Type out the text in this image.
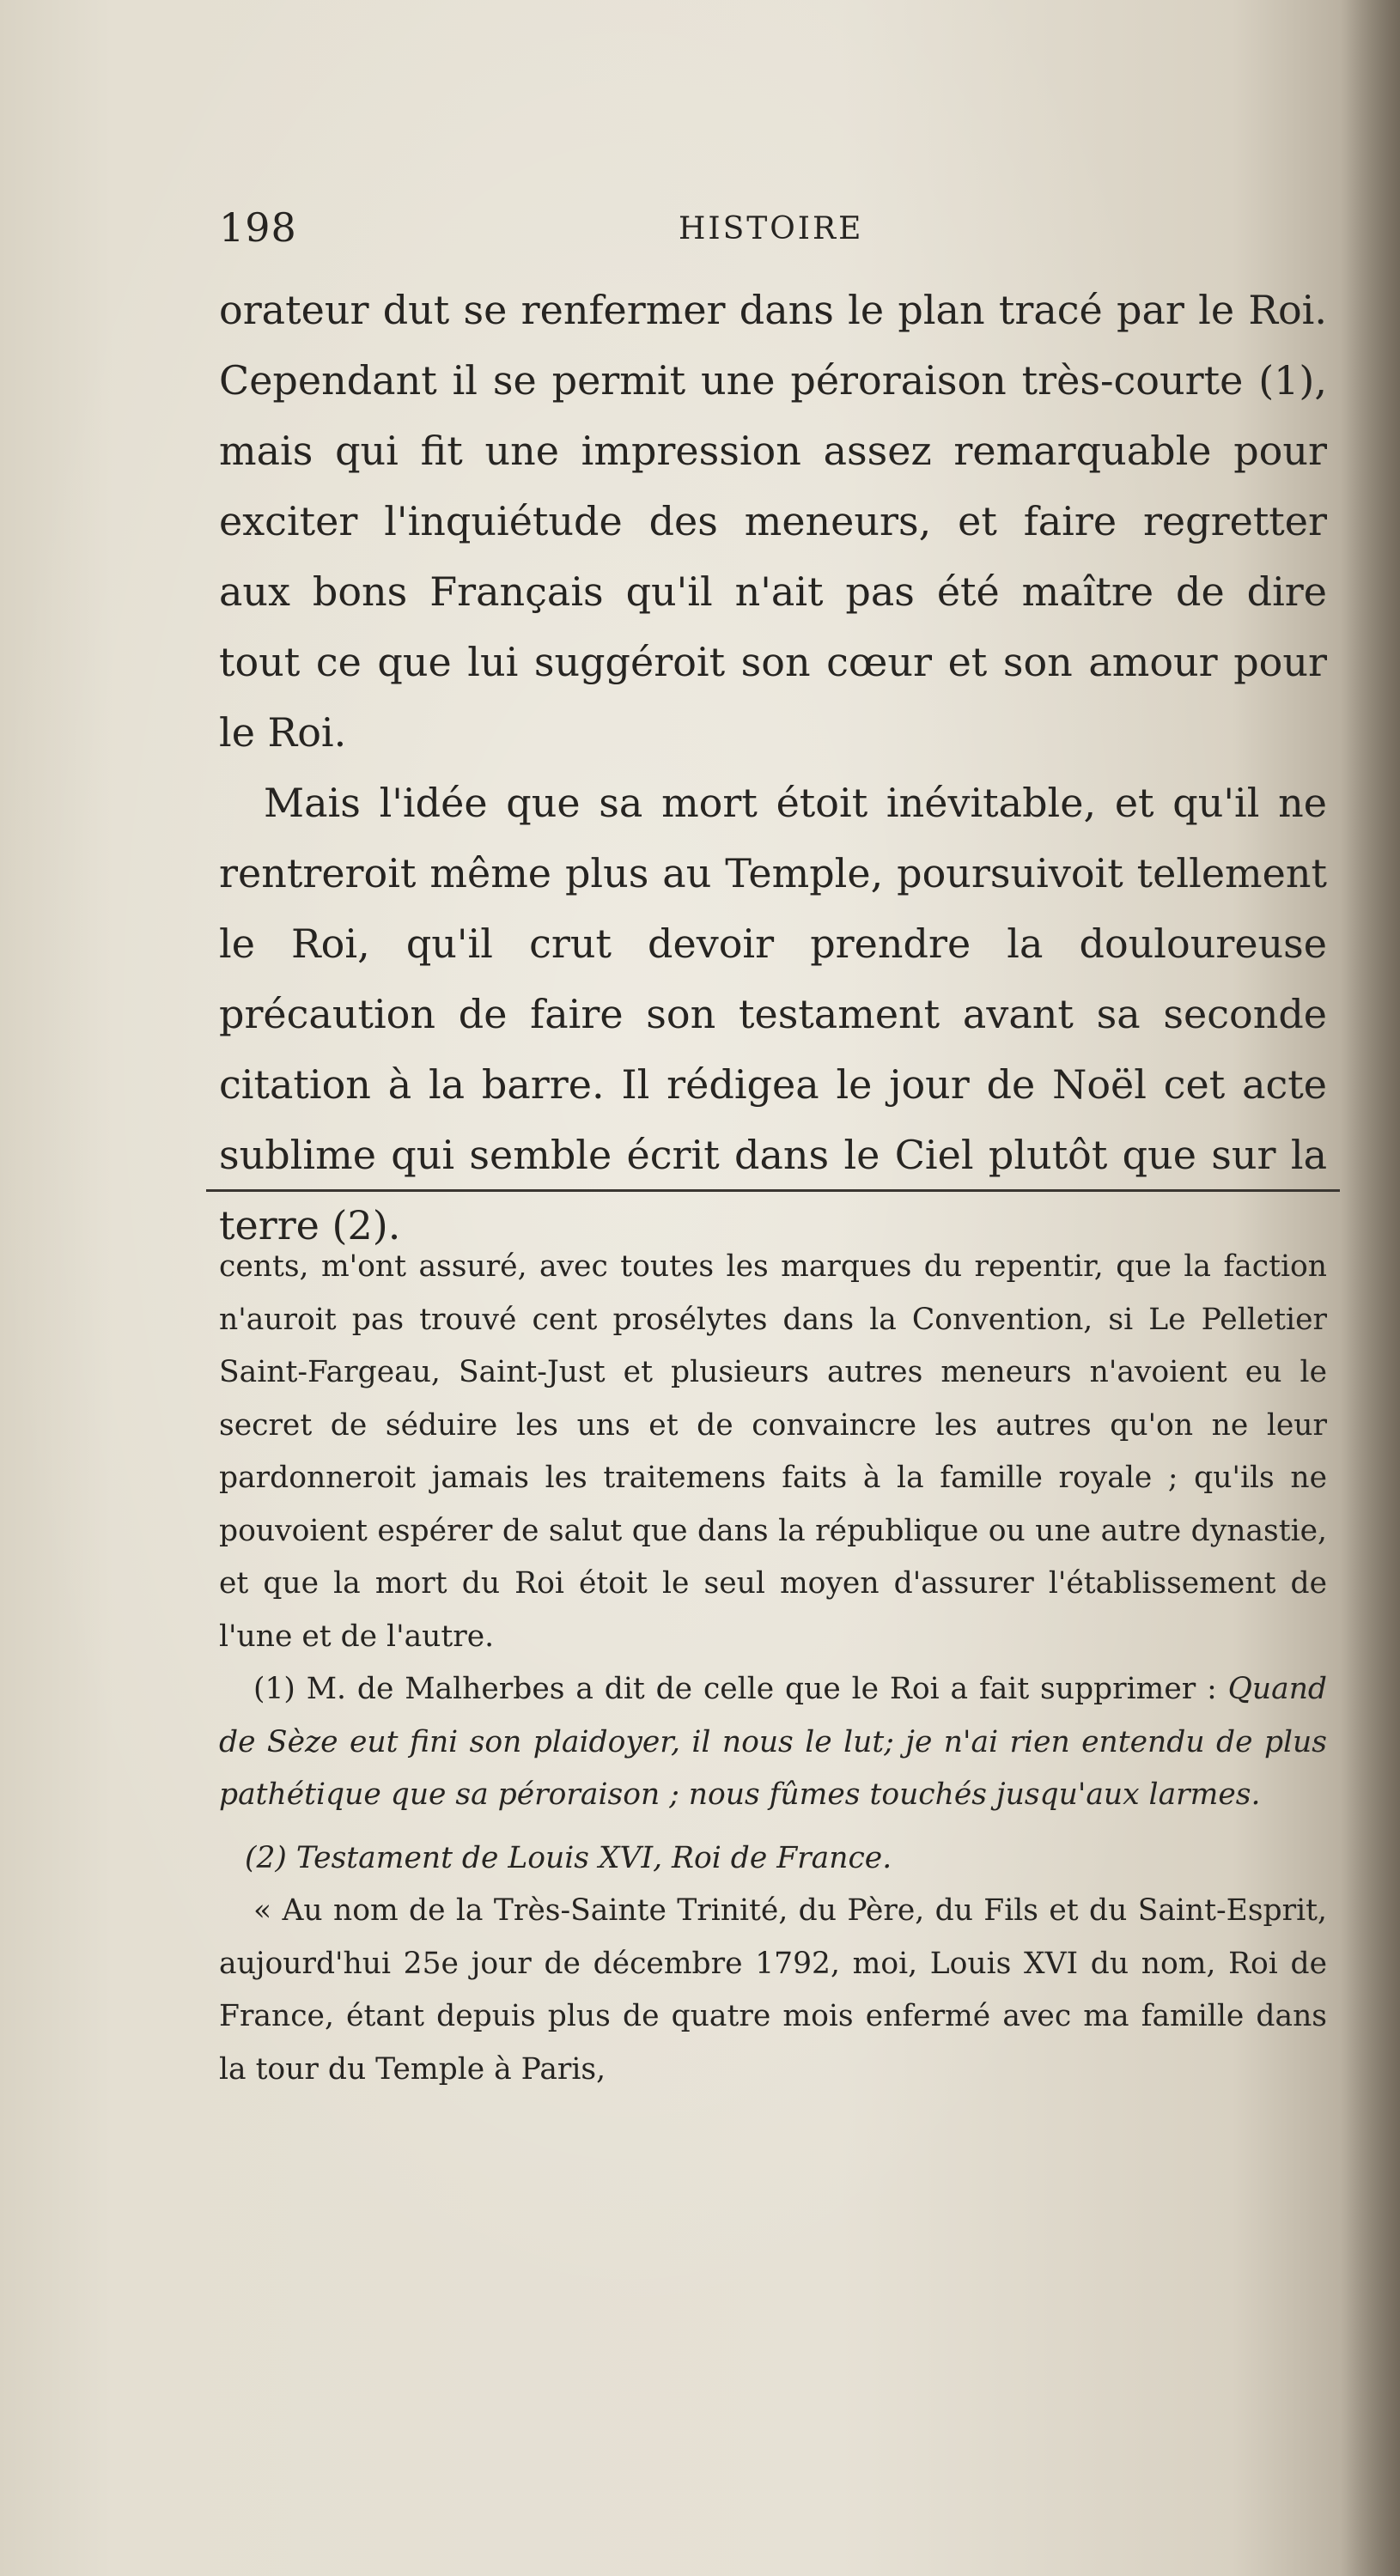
198	HISTOIRE

orateur dut se renfermer dans le plan tracé par le Roi. Cependant il se permit une péroraison très-courte (1), mais qui fit une impression assez remarquable pour exciter l'inquiétude des meneurs, et faire regretter aux bons Français qu'il n'ait pas été maître de dire tout ce que lui suggéroit son cœur et son amour pour le Roi.

Mais l'idée que sa mort étoit inévitable, et qu'il ne rentreroit même plus au Temple, poursuivoit tellement le Roi, qu'il crut devoir prendre la douloureuse précaution de faire son testament avant sa seconde citation à la barre. Il rédigea le jour de Noël cet acte sublime qui semble écrit dans le Ciel plutôt que sur la terre (2).

cents, m'ont assuré, avec toutes les marques du repentir, que la faction n'auroit pas trouvé cent prosélytes dans la Convention, si Le Pelletier Saint-Fargeau, Saint-Just et plusieurs autres meneurs n'avoient eu le secret de séduire les uns et de convaincre les autres qu'on ne leur pardonneroit jamais les traitemens faits à la famille royale ; qu'ils ne pouvoient espérer de salut que dans la république ou une autre dynastie, et que la mort du Roi étoit le seul moyen d'assurer l'établissement de l'une et de l'autre.

(1) M. de Malherbes a dit de celle que le Roi a fait supprimer : Quand de Sèze eut fini son plaidoyer, il nous le lut; je n'ai rien entendu de plus pathétique que sa péroraison ; nous fûmes touchés jusqu'aux larmes.

(2) Testament de Louis XVI, Roi de France.

« Au nom de la Très-Sainte Trinité, du Père, du Fils et du Saint-Esprit, aujourd'hui 25e jour de décembre 1792, moi, Louis XVI du nom, Roi de France, étant depuis plus de quatre mois enfermé avec ma famille dans la tour du Temple à Paris,
